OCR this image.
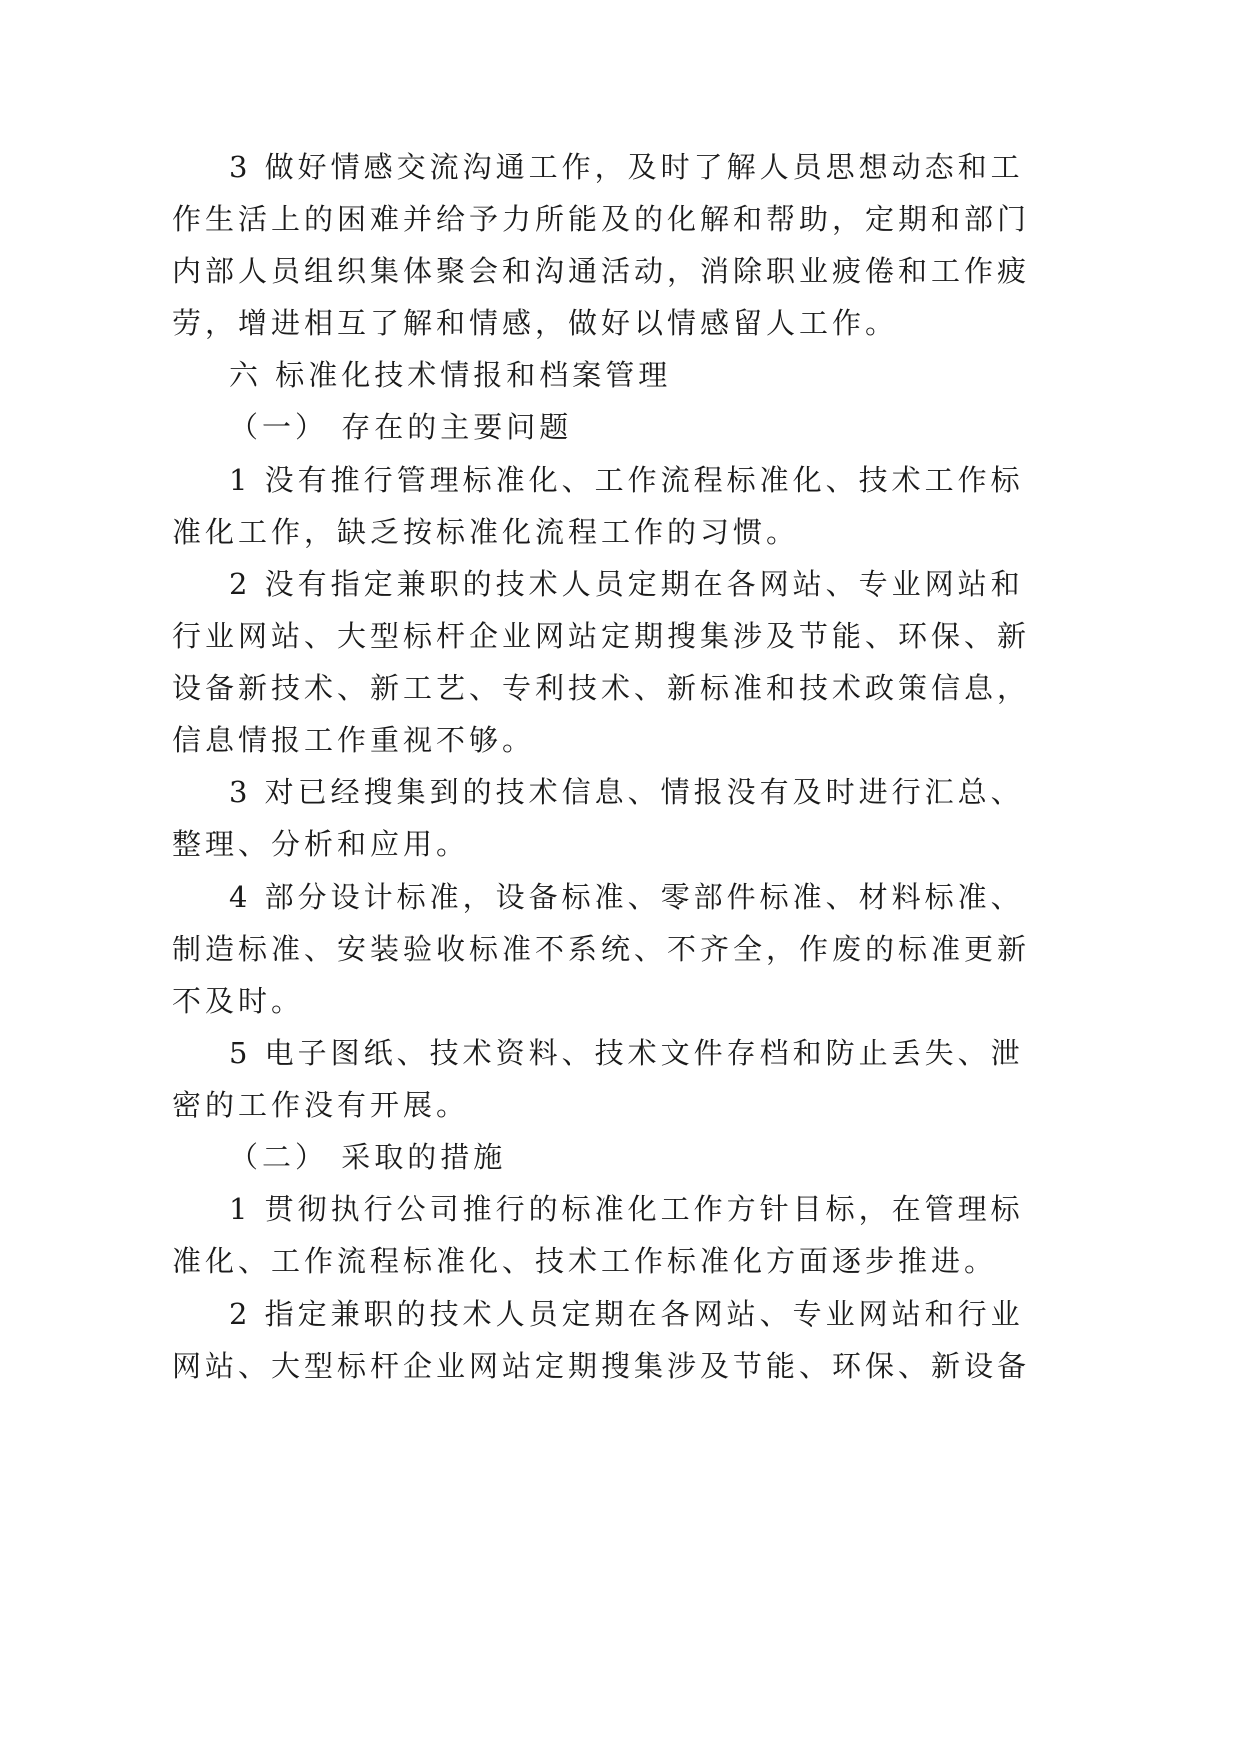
3 做好情感交流沟通工作，及时了解人员思想动态和工
作生活上的困难并给予力所能及的化解和帮助，定期和部门
内部人员组织集体聚会和沟通活动，消除职业疲倦和工作疲
劳，增进相互了解和情感，做好以情感留人工作。
六 标准化技术情报和档案管理
（一） 存在的主要问题
1 没有推行管理标准化、工作流程标准化、技术工作标
准化工作，缺乏按标准化流程工作的习惯。
2 没有指定兼职的技术人员定期在各网站、专业网站和
行业网站、大型标杆企业网站定期搜集涉及节能、环保、新
设备新技术、新工艺、专利技术、新标准和技术政策信息，
信息情报工作重视不够。
3 对已经搜集到的技术信息、情报没有及时进行汇总、
整理、分析和应用。
4 部分设计标准，设备标准、零部件标准、材料标准、
制造标准、安装验收标准不系统、不齐全，作废的标准更新
不及时。
5 电子图纸、技术资料、技术文件存档和防止丢失、泄
密的工作没有开展。
（二） 采取的措施
1 贯彻执行公司推行的标准化工作方针目标，在管理标
准化、工作流程标准化、技术工作标准化方面逐步推进。
2 指定兼职的技术人员定期在各网站、专业网站和行业
网站、大型标杆企业网站定期搜集涉及节能、环保、新设备
